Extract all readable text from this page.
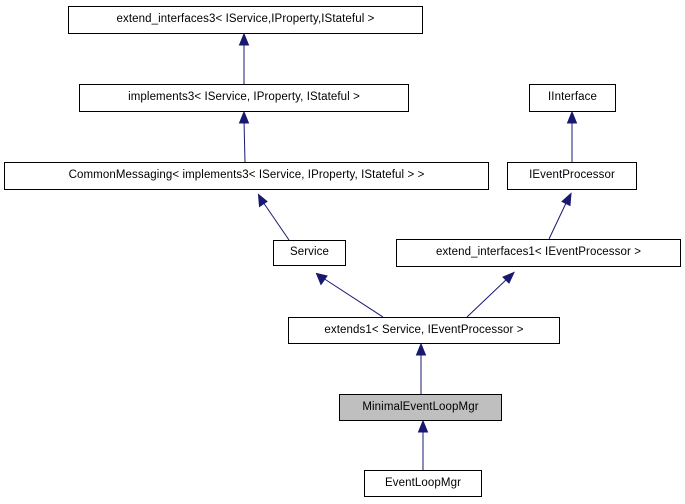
extend_interfaces3< IService,IProperty,IStateful >
implements3< IService, IProperty, IStateful >	IInterface
CommonMessaging< implements3< IService, IProperty, IStateful > >	IEventProcessor
Service	extend_interfaces1< IEventProcessor >
extends1< Service, IEventProcessor >
MinimalEventLoopMgr
EventLoopMgr
